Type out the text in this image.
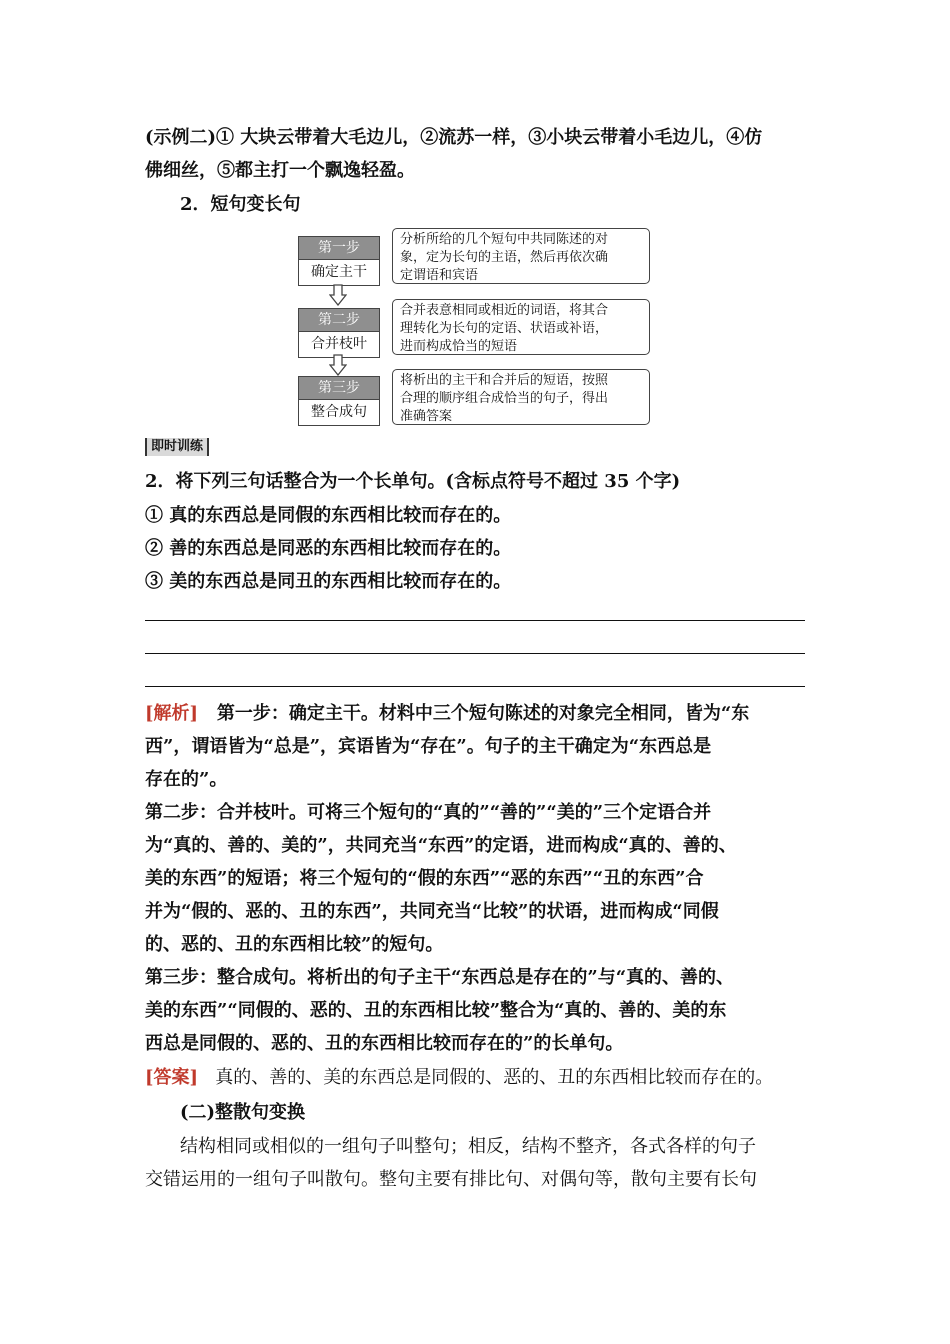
(示例二)① 大块云带着大毛边儿，②流苏一样，③小块云带着小毛边儿，④仿
佛细丝，⑤都主打一个飘逸轻盈。
2．短句变长句
第一步
确定主干
分析所给的几个短句中共同陈述的对
象，定为长句的主语，然后再依次确
定谓语和宾语
第二步
合并枝叶
合并表意相同或相近的词语，将其合
理转化为长句的定语、状语或补语，
进而构成恰当的短语
第三步
整合成句
将析出的主干和合并后的短语，按照
合理的顺序组合成恰当的句子，得出
准确答案
即时训练
2．将下列三句话整合为一个长单句。(含标点符号不超过 35 个字)
① 真的东西总是同假的东西相比较而存在的。
② 善的东西总是同恶的东西相比较而存在的。
③ 美的东西总是同丑的东西相比较而存在的。
[解析] 第一步：确定主干。材料中三个短句陈述的对象完全相同，皆为“东
西”，谓语皆为“总是”，宾语皆为“存在”。句子的主干确定为“东西总是
存在的”。
第二步：合并枝叶。可将三个短句的“真的”“善的”“美的”三个定语合并
为“真的、善的、美的”，共同充当“东西”的定语，进而构成“真的、善的、
美的东西”的短语；将三个短句的“假的东西”“恶的东西”“丑的东西”合
并为“假的、恶的、丑的东西”，共同充当“比较”的状语，进而构成“同假
的、恶的、丑的东西相比较”的短句。
第三步：整合成句。将析出的句子主干“东西总是存在的”与“真的、善的、
美的东西”“同假的、恶的、丑的东西相比较”整合为“真的、善的、美的东
西总是同假的、恶的、丑的东西相比较而存在的”的长单句。
[答案] 真的、善的、美的东西总是同假的、恶的、丑的东西相比较而存在的。
(二)整散句变换
结构相同或相似的一组句子叫整句；相反，结构不整齐，各式各样的句子
交错运用的一组句子叫散句。整句主要有排比句、对偶句等，散句主要有长句
